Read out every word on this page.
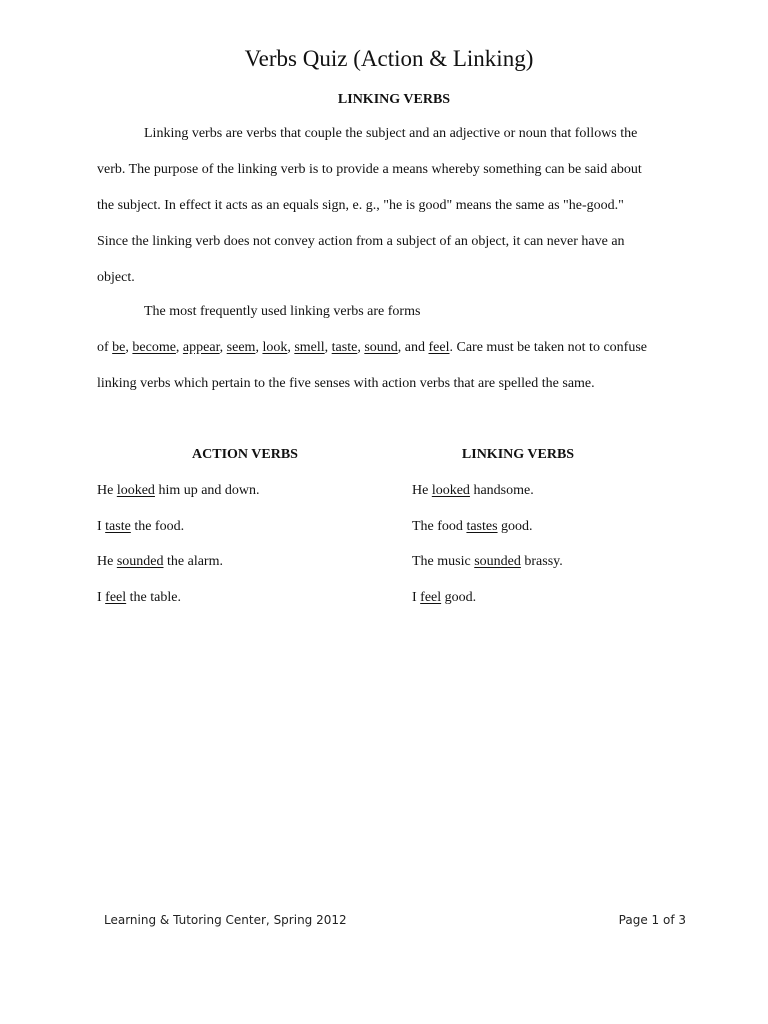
Verbs Quiz (Action & Linking)
LINKING VERBS
Linking verbs are verbs that couple the subject and an adjective or noun that follows the
verb. The purpose of the linking verb is to provide a means whereby something can be said about
the subject. In effect it acts as an equals sign, e. g., "he is good" means the same as "he-good."
Since the linking verb does not convey action from a subject of an object, it can never have an
object.
The most frequently used linking verbs are forms
of be, become, appear, seem, look, smell, taste, sound, and feel. Care must be taken not to confuse
linking verbs which pertain to the five senses with action verbs that are spelled the same.
ACTION VERBS	LINKING VERBS
He looked him up and down.
I taste the food.
He sounded the alarm.
I feel the table.
He looked handsome.
The food tastes good.
The music sounded brassy.
I feel good.
Learning & Tutoring Center, Spring 2012	Page 1 of 3
